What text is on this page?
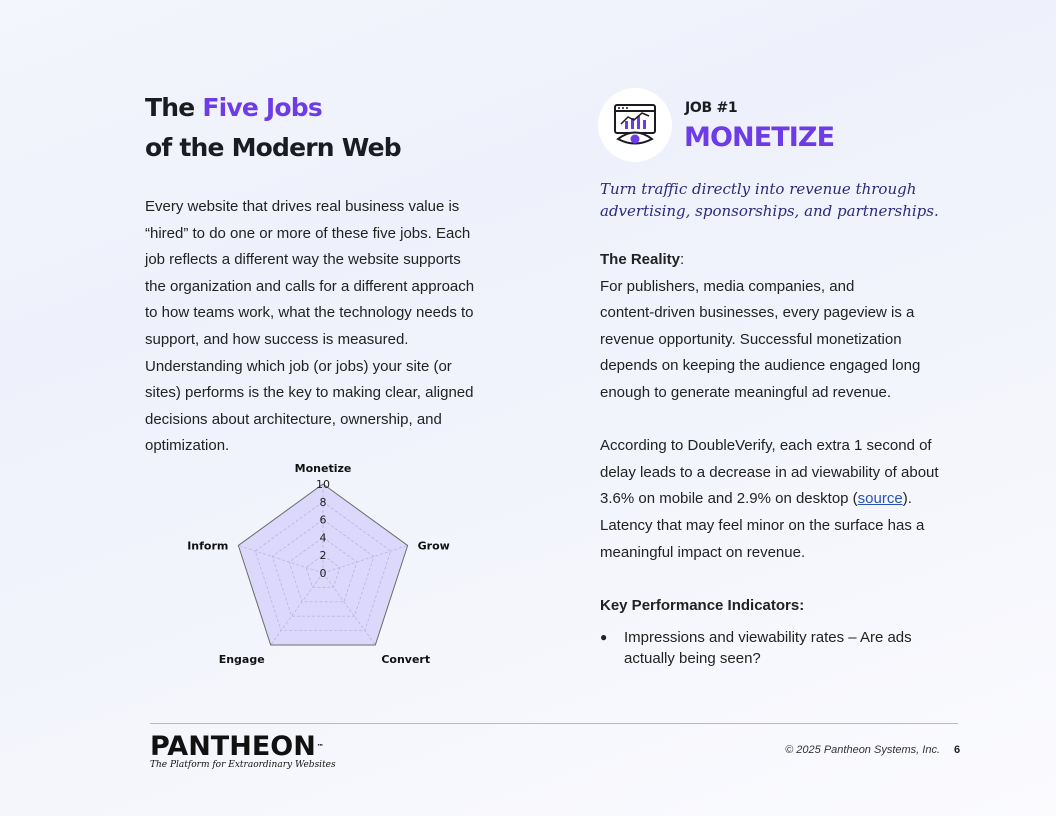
The Five Jobs
of the Modern Web
Every website that drives real business value is
“hired” to do one or more of these five jobs. Each
job reflects a different way the website supports
the organization and calls for a different approach
to how teams work, what the technology needs to
support, and how success is measured.
Understanding which job (or jobs) your site (or
sites) performs is the key to making clear, aligned
decisions about architecture, ownership, and
optimization.
0
2
4
6
8
10
Monetize
Grow
Convert
Engage
Inform
JOB #1
MONETIZE
Turn traffic directly into revenue through
advertising, sponsorships, and partnerships.
The Reality:
For publishers, media companies, and
content-driven businesses, every pageview is a
revenue opportunity. Successful monetization
depends on keeping the audience engaged long
enough to generate meaningful ad revenue.
According to DoubleVerify, each extra 1 second of
delay leads to a decrease in ad viewability of about
3.6% on mobile and 2.9% on desktop (source).
Latency that may feel minor on the surface has a
meaningful impact on revenue.
Key Performance Indicators:
● Impressions and viewability rates – Are ads actually being seen?
PANTHEON™
The Platform for Extraordinary Websites
© 2025 Pantheon Systems, Inc. 6
